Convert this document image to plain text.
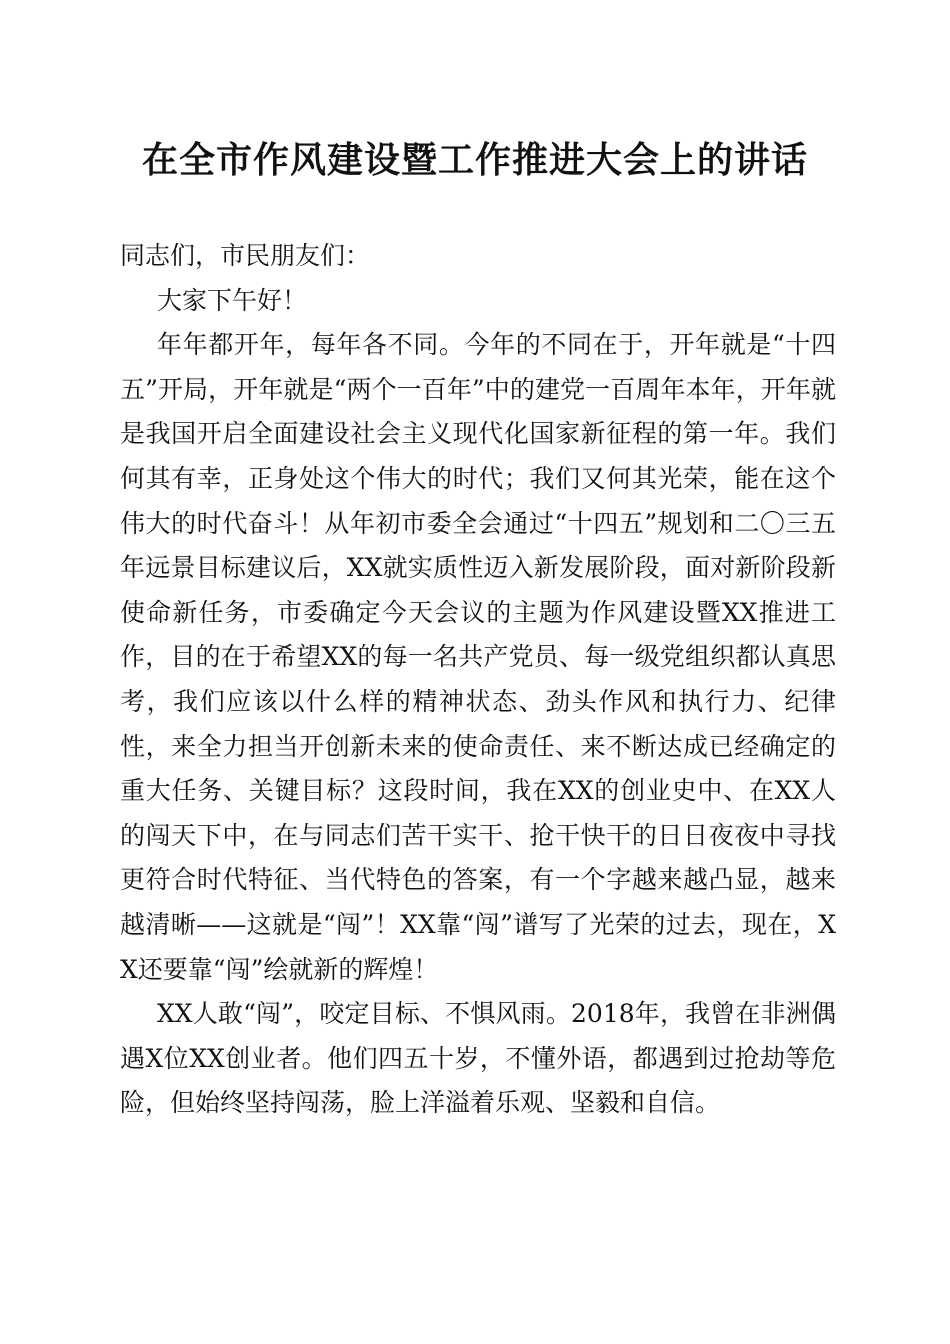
在全市作风建设暨工作推进大会上的讲话

同志们，市民朋友们：

大家下午好！

年年都开年，每年各不同。今年的不同在于，开年就是“十四五”开局，开年就是“两个一百年”中的建党一百周年本年，开年就是我国开启全面建设社会主义现代化国家新征程的第一年。我们何其有幸，正身处这个伟大的时代；我们又何其光荣，能在这个伟大的时代奋斗！从年初市委全会通过“十四五”规划和二〇三五年远景目标建议后，XX就实质性迈入新发展阶段，面对新阶段新使命新任务，市委确定今天会议的主题为作风建设暨XX推进工作，目的在于希望XX的每一名共产党员、每一级党组织都认真思考，我们应该以什么样的精神状态、劲头作风和执行力、纪律性，来全力担当开创新未来的使命责任、来不断达成已经确定的重大任务、关键目标？这段时间，我在XX的创业史中、在XX人的闯天下中，在与同志们苦干实干、抢干快干的日日夜夜中寻找更符合时代特征、当代特色的答案，有一个字越来越凸显，越来越清晰——这就是“闯”！XX靠“闯”谱写了光荣的过去，现在，XX还要靠“闯”绘就新的辉煌！

XX人敢“闯”，咬定目标、不惧风雨。2018年，我曾在非洲偶遇X位XX创业者。他们四五十岁，不懂外语，都遇到过抢劫等危险，但始终坚持闯荡，脸上洋溢着乐观、坚毅和自信。
